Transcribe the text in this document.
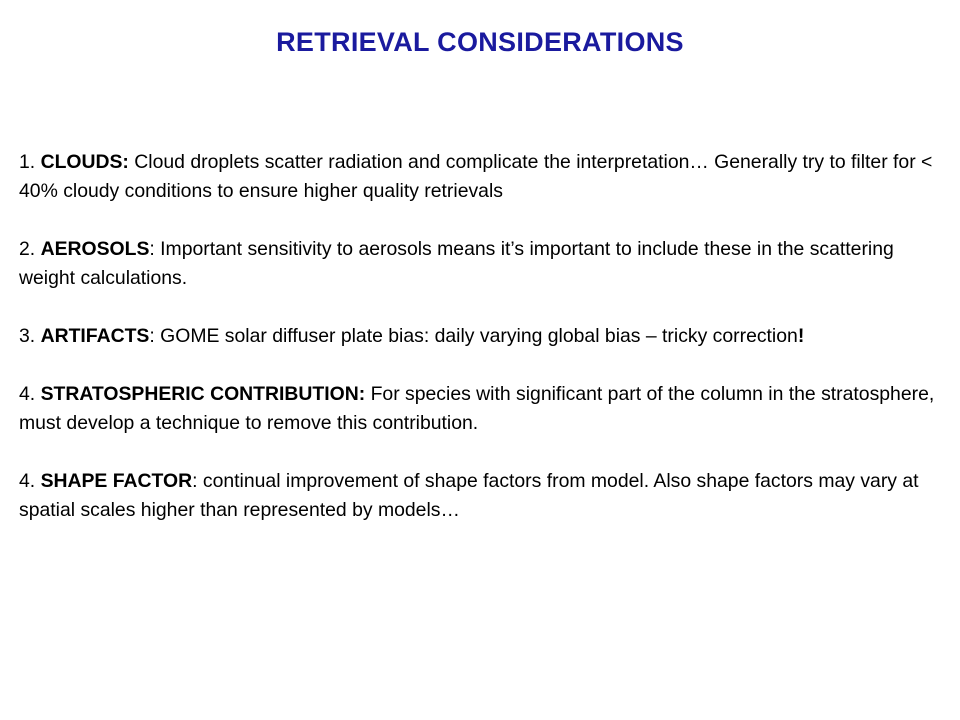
RETRIEVAL CONSIDERATIONS
1. CLOUDS: Cloud droplets scatter radiation and complicate the interpretation… Generally try to filter for < 40% cloudy conditions to ensure higher quality retrievals
2. AEROSOLS: Important sensitivity to aerosols means it’s important to include these in the scattering weight calculations.
3. ARTIFACTS: GOME solar diffuser plate bias: daily varying global bias – tricky correction!
4. STRATOSPHERIC CONTRIBUTION: For species with significant part of the column in the stratosphere, must develop a technique to remove this contribution.
4. SHAPE FACTOR: continual improvement of shape factors from model. Also shape factors may vary at spatial scales higher than represented by models…
